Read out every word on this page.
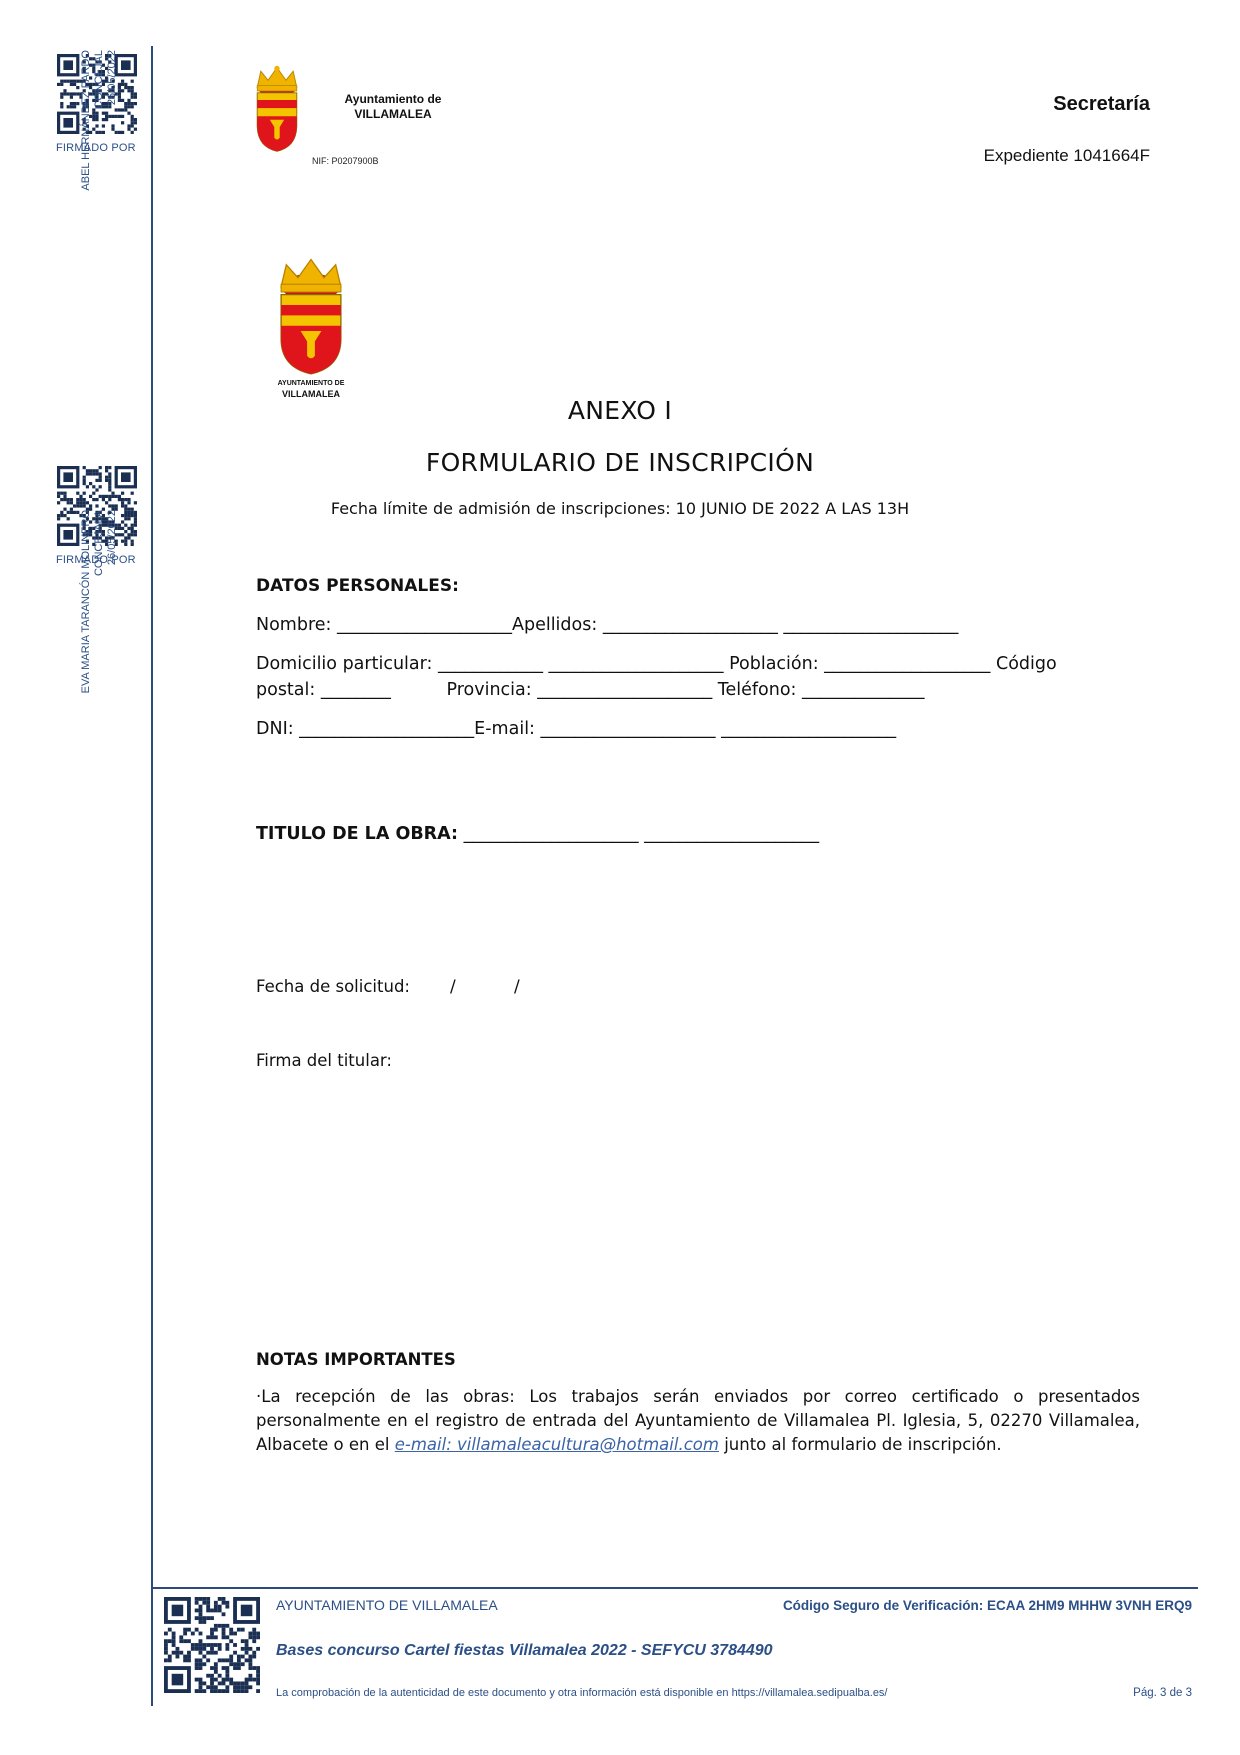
FIRMADO POR
ABEL HERNÁNDEZ PARDO CONCEJAL 26/05/2022
FIRMADO POR
EVA MARIA TARANCÓN MOLINERO CONCEJALA 26/05/2022
Ayuntamiento de
VILLAMALEA
NIF: P0207900B
Secretaría
Expediente 1041664F
AYUNTAMIENTO DE
VILLAMALEA
ANEXO I
FORMULARIO DE INSCRIPCIÓN
Fecha límite de admisión de inscripciones: 10 JUNIO DE 2022 A LAS 13H
DATOS PERSONALES:
Nombre: ____________________Apellidos: ____________________ ____________________
Domicilio particular: ____________ ____________________ Población: ___________________ Código
postal: ________          Provincia: ____________________ Teléfono: ______________
DNI: ____________________E-mail: ____________________ ____________________
TITULO DE LA OBRA: ____________________ ____________________
Fecha de solicitud: /	/
Firma del titular:
NOTAS IMPORTANTES
·La recepción de las obras: Los trabajos serán enviados por correo certificado o presentados personalmente en el registro de entrada del Ayuntamiento de Villamalea Pl. Iglesia, 5, 02270 Villamalea, Albacete o en el e-mail: villamaleacultura@hotmail.com junto al formulario de inscripción.
AYUNTAMIENTO DE VILLAMALEA	Código Seguro de Verificación: ECAA 2HM9 MHHW 3VNH ERQ9
Bases concurso Cartel fiestas Villamalea 2022 - SEFYCU 3784490
La comprobación de la autenticidad de este documento y otra información está disponible en https://villamalea.sedipualba.es/	Pág. 3 de 3
